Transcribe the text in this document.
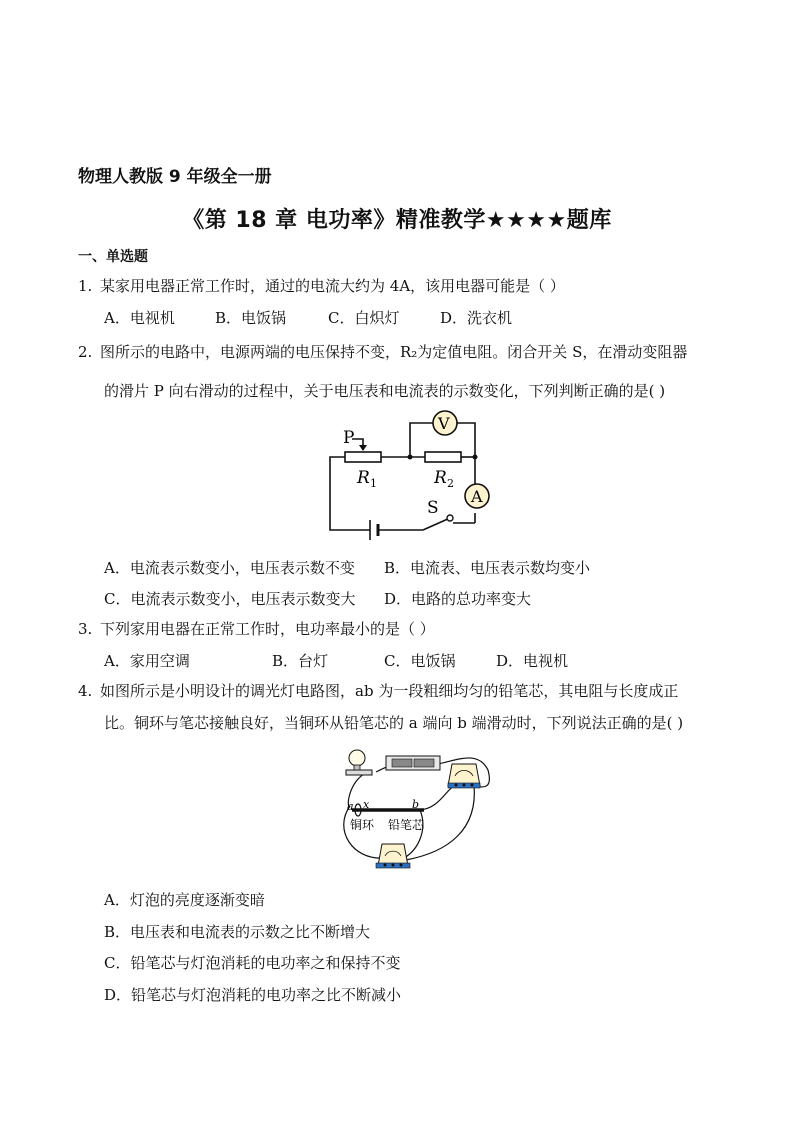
物理人教版 9 年级全一册
《第 18 章 电功率》精准教学★★★★题库
一、单选题
1. 某家用电器正常工作时，通过的电流大约为 4A，该用电器可能是（ ）
A．电视机	B．电饭锅	C．白炽灯	D．洗衣机
2. 图所示的电路中，电源两端的电压保持不变，R₂为定值电阻。闭合开关 S，在滑动变阻器
的滑片 P 向右滑动的过程中，关于电压表和电流表的示数变化，下列判断正确的是( )
P
V
A
R 1	R 2
S
A．电流表示数变小，电压表示数不变 B．电流表、电压表示数均变小
C．电流表示数变小，电压表示数变大 D．电路的总功率变大
3. 下列家用电器在正常工作时，电功率最小的是（ ）
A．家用空调	B．台灯	C．电饭锅	D．电视机
4. 如图所示是小明设计的调光灯电路图，ab 为一段粗细均匀的铅笔芯，其电阻与长度成正
比。铜环与笔芯接触良好，当铜环从铅笔芯的 a 端向 b 端滑动时，下列说法正确的是( )
a x	b
铜环 铅笔芯
A．灯泡的亮度逐渐变暗
B．电压表和电流表的示数之比不断增大
C．铅笔芯与灯泡消耗的电功率之和保持不变
D．铅笔芯与灯泡消耗的电功率之比不断减小
